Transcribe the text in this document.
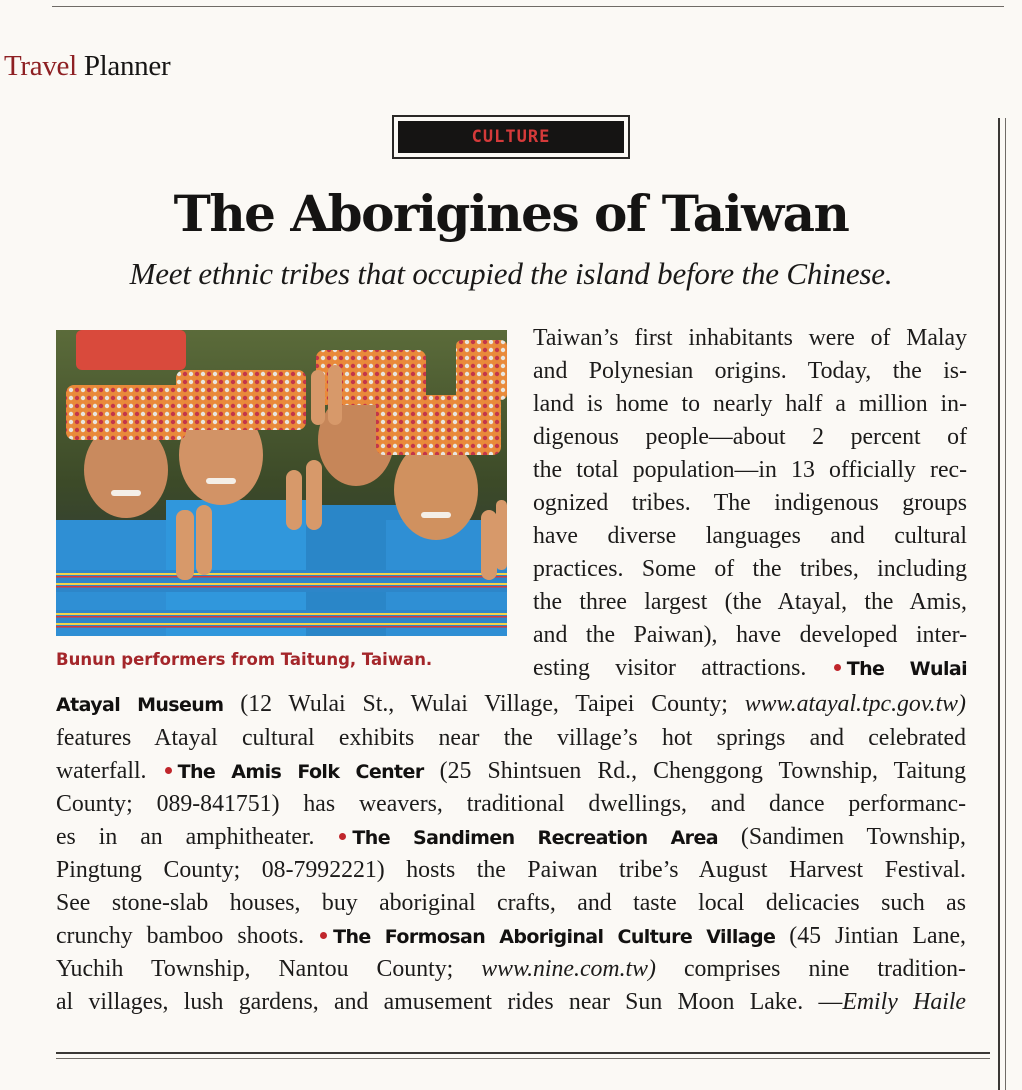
Travel Planner
CULTURE
The Aborigines of Taiwan
Meet ethnic tribes that occupied the island before the Chinese.
Bunun performers from Taitung, Taiwan.
Taiwan’s first inhabitants were of Malay
and Polynesian origins. Today, the is-
land is home to nearly half a million in-
digenous people—about 2 percent of
the total population—in 13 officially rec-
ognized tribes. The indigenous groups
have diverse languages and cultural
practices. Some of the tribes, including
the three largest (the Atayal, the Amis,
and the Paiwan), have developed inter-
esting visitor attractions. The Wulai
Atayal Museum (12 Wulai St., Wulai Village, Taipei County; www.atayal.tpc.gov.tw)
features Atayal cultural exhibits near the village’s hot springs and celebrated
waterfall. The Amis Folk Center (25 Shintsuen Rd., Chenggong Township, Taitung
County; 089-841751) has weavers, traditional dwellings, and dance performanc-
es in an amphitheater. The Sandimen Recreation Area (Sandimen Township,
Pingtung County; 08-7992221) hosts the Paiwan tribe’s August Harvest Festival.
See stone-slab houses, buy aboriginal crafts, and taste local delicacies such as
crunchy bamboo shoots. The Formosan Aboriginal Culture Village (45 Jintian Lane,
Yuchih Township, Nantou County; www.nine.com.tw) comprises nine tradition-
al villages, lush gardens, and amusement rides near Sun Moon Lake. —Emily Haile
